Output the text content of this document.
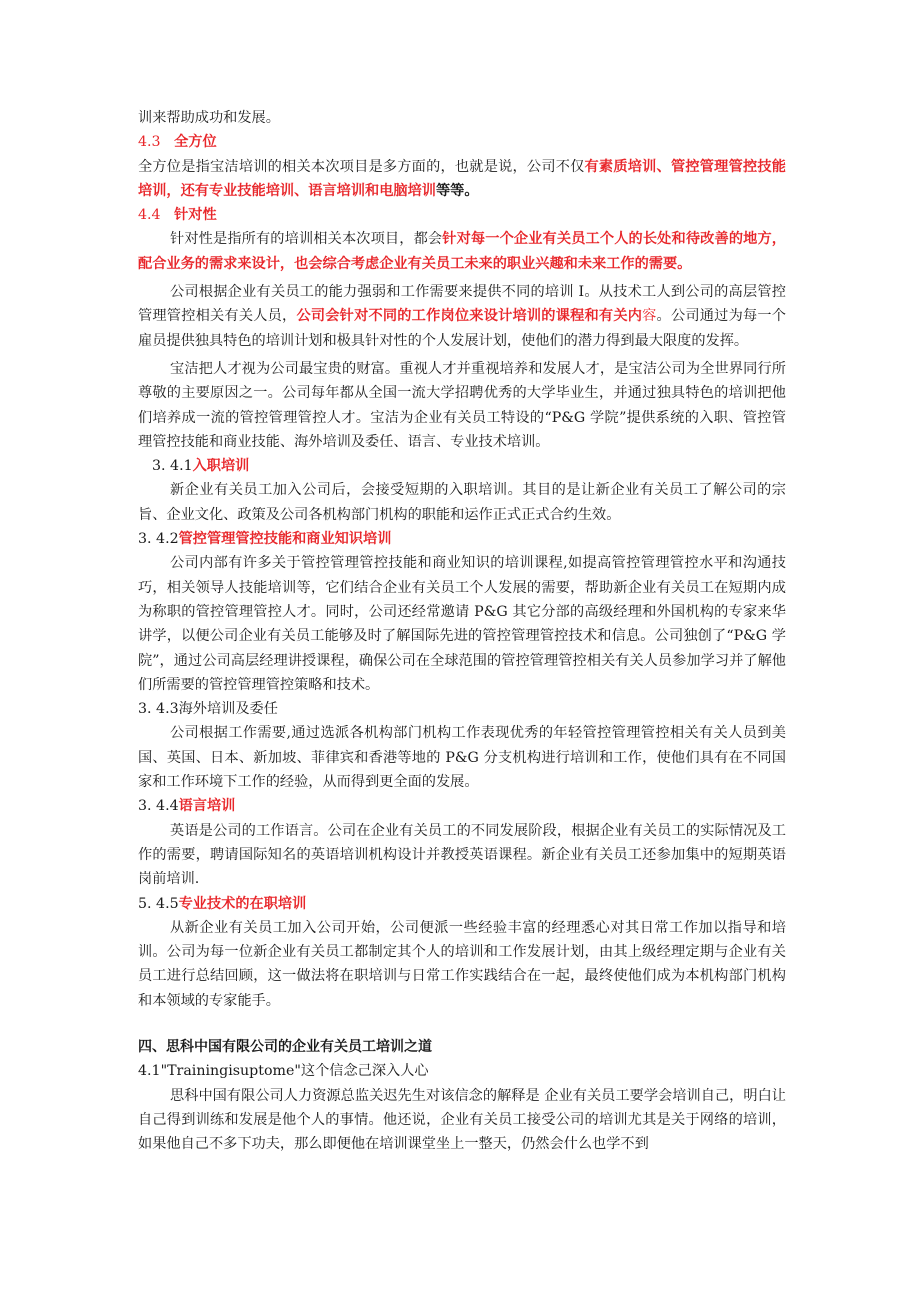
训来帮助成功和发展。

4.3 全方位

全方位是指宝洁培训的相关本次项目是多方面的，也就是说，公司不仅有素质培训、管控管理管控技能培训，还有专业技能培训、语言培训和电脑培训等等。

4.4 针对性

针对性是指所有的培训相关本次项目，都会针对每一个企业有关员工个人的长处和待改善的地方，配合业务的需求来设计，也会综合考虑企业有关员工未来的职业兴趣和未来工作的需要。

公司根据企业有关员工的能力强弱和工作需要来提供不同的培训 I。从技术工人到公司的高层管控管理管控相关有关人员，公司会针对不同的工作岗位来设计培训的课程和有关内容。公司通过为每一个雇员提供独具特色的培训计划和极具针对性的个人发展计划，使他们的潜力得到最大限度的发挥。

宝洁把人才视为公司最宝贵的财富。重视人才并重视培养和发展人才，是宝洁公司为全世界同行所尊敬的主要原因之一。公司每年都从全国一流大学招聘优秀的大学毕业生，并通过独具特色的培训把他们培养成一流的管控管理管控人才。宝洁为企业有关员工特设的“P&G 学院”提供系统的入职、管控管理管控技能和商业技能、海外培训及委任、语言、专业技术培训。

3. 4.1入职培训

新企业有关员工加入公司后，会接受短期的入职培训。其目的是让新企业有关员工了解公司的宗旨、企业文化、政策及公司各机构部门机构的职能和运作正式正式合约生效。

3. 4.2管控管理管控技能和商业知识培训

公司内部有许多关于管控管理管控技能和商业知识的培训课程,如提高管控管理管控水平和沟通技巧，相关领导人技能培训等，它们结合企业有关员工个人发展的需要，帮助新企业有关员工在短期内成为称职的管控管理管控人才。同时，公司还经常邀请 P&G 其它分部的高级经理和外国机构的专家来华讲学，以便公司企业有关员工能够及时了解国际先进的管控管理管控技术和信息。公司独创了“P&G 学院”，通过公司高层经理讲授课程，确保公司在全球范围的管控管理管控相关有关人员参加学习并了解他们所需要的管控管理管控策略和技术。

3. 4.3海外培训及委任

公司根据工作需要,通过选派各机构部门机构工作表现优秀的年轻管控管理管控相关有关人员到美国、英国、日本、新加坡、菲律宾和香港等地的 P&G 分支机构进行培训和工作，使他们具有在不同国家和工作环境下工作的经验，从而得到更全面的发展。

3. 4.4语言培训

英语是公司的工作语言。公司在企业有关员工的不同发展阶段，根据企业有关员工的实际情况及工作的需要，聘请国际知名的英语培训机构设计并教授英语课程。新企业有关员工还参加集中的短期英语岗前培训.

5. 4.5专业技术的在职培训

从新企业有关员工加入公司开始，公司便派一些经验丰富的经理悉心对其日常工作加以指导和培训。公司为每一位新企业有关员工都制定其个人的培训和工作发展计划，由其上级经理定期与企业有关员工进行总结回顾，这一做法将在职培训与日常工作实践结合在一起，最终使他们成为本机构部门机构和本领域的专家能手。

四、思科中国有限公司的企业有关员工培训之道

4.1"Trainingisuptome"这个信念己深入人心

思科中国有限公司人力资源总监关迟先生对该信念的解释是 企业有关员工要学会培训自己，明白让自己得到训练和发展是他个人的事情。他还说，企业有关员工接受公司的培训尤其是关于网络的培训，如果他自己不多下功夫，那么即便他在培训课堂坐上一整天，仍然会什么也学不到
